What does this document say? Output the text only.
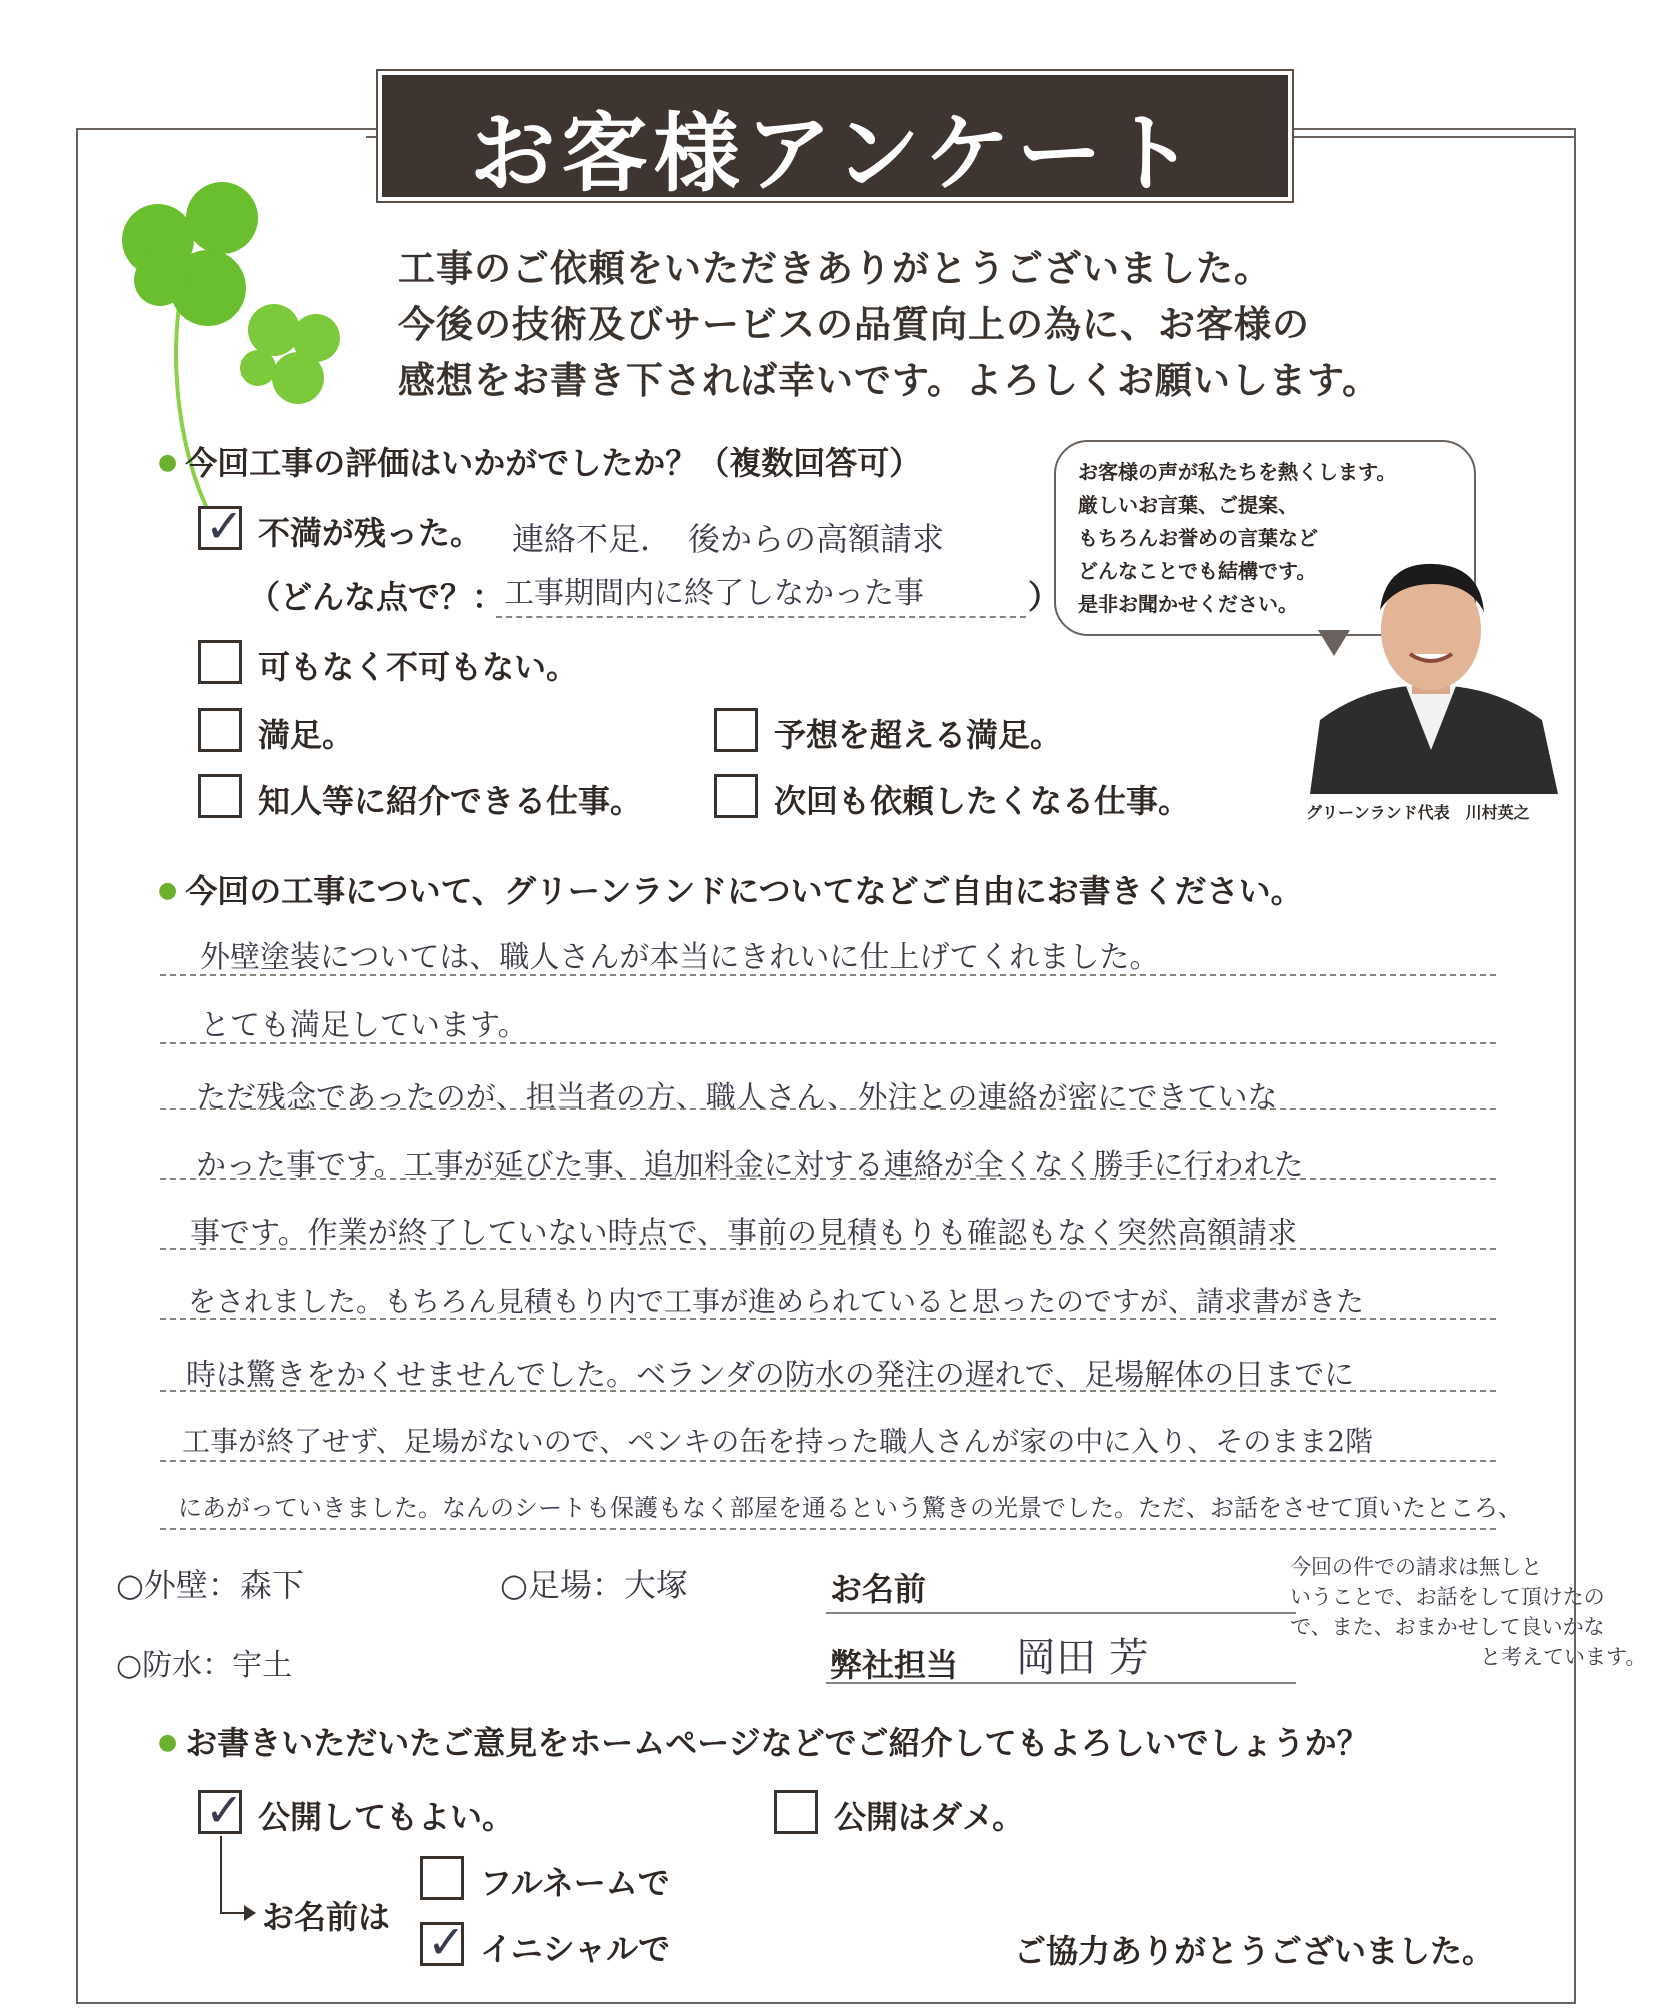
お客様アンケート
工事のご依頼をいただきありがとうございました。
今後の技術及びサービスの品質向上の為に、お客様の
感想をお書き下されば幸いです。よろしくお願いします。
お客様の声が私たちを熱くします。
厳しいお言葉、ご提案、
もちろんお誉めの言葉など
どんなことでも結構です。
是非お聞かせください。
グリーンランド代表　川村英之
● 今回工事の評価はいかがでしたか？（複数回答可）
✓
不満が残った。 連絡不足．　後からの高額請求
（どんな点で？： 工事期間内に終了しなかった事	）
可もなく不可もない。
満足。	予想を超える満足。
知人等に紹介できる仕事。	次回も依頼したくなる仕事。
● 今回の工事について、グリーンランドについてなどご自由にお書きください。
外壁塗装については、職人さんが本当にきれいに仕上げてくれました。
とても満足しています。
ただ残念であったのが、担当者の方、職人さん、外注との連絡が密にできていな
かった事です。工事が延びた事、追加料金に対する連絡が全くなく勝手に行われた
事です。作業が終了していない時点で、事前の見積もりも確認もなく突然高額請求
をされました。もちろん見積もり内で工事が進められていると思ったのですが、請求書がきた
時は驚きをかくせませんでした。ベランダの防水の発注の遅れで、足場解体の日までに
工事が終了せず、足場がないので、ペンキの缶を持った職人さんが家の中に入り、そのまま2階
にあがっていきました。なんのシートも保護もなく部屋を通るという驚きの光景でした。ただ、お話をさせて頂いたところ、
○外壁：森下	○足場：大塚
○防水：宇土
お名前
弊社担当 岡田 芳
今回の件での請求は無しと
いうことで、お話をして頂けたの
で、また、おまかせして良いかな
と考えています。
● お書きいただいたご意見をホームページなどでご紹介してもよろしいでしょうか？
✓
公開してもよい。	公開はダメ。
お名前は
フルネームで
✓
イニシャルで	ご協力ありがとうございました。
